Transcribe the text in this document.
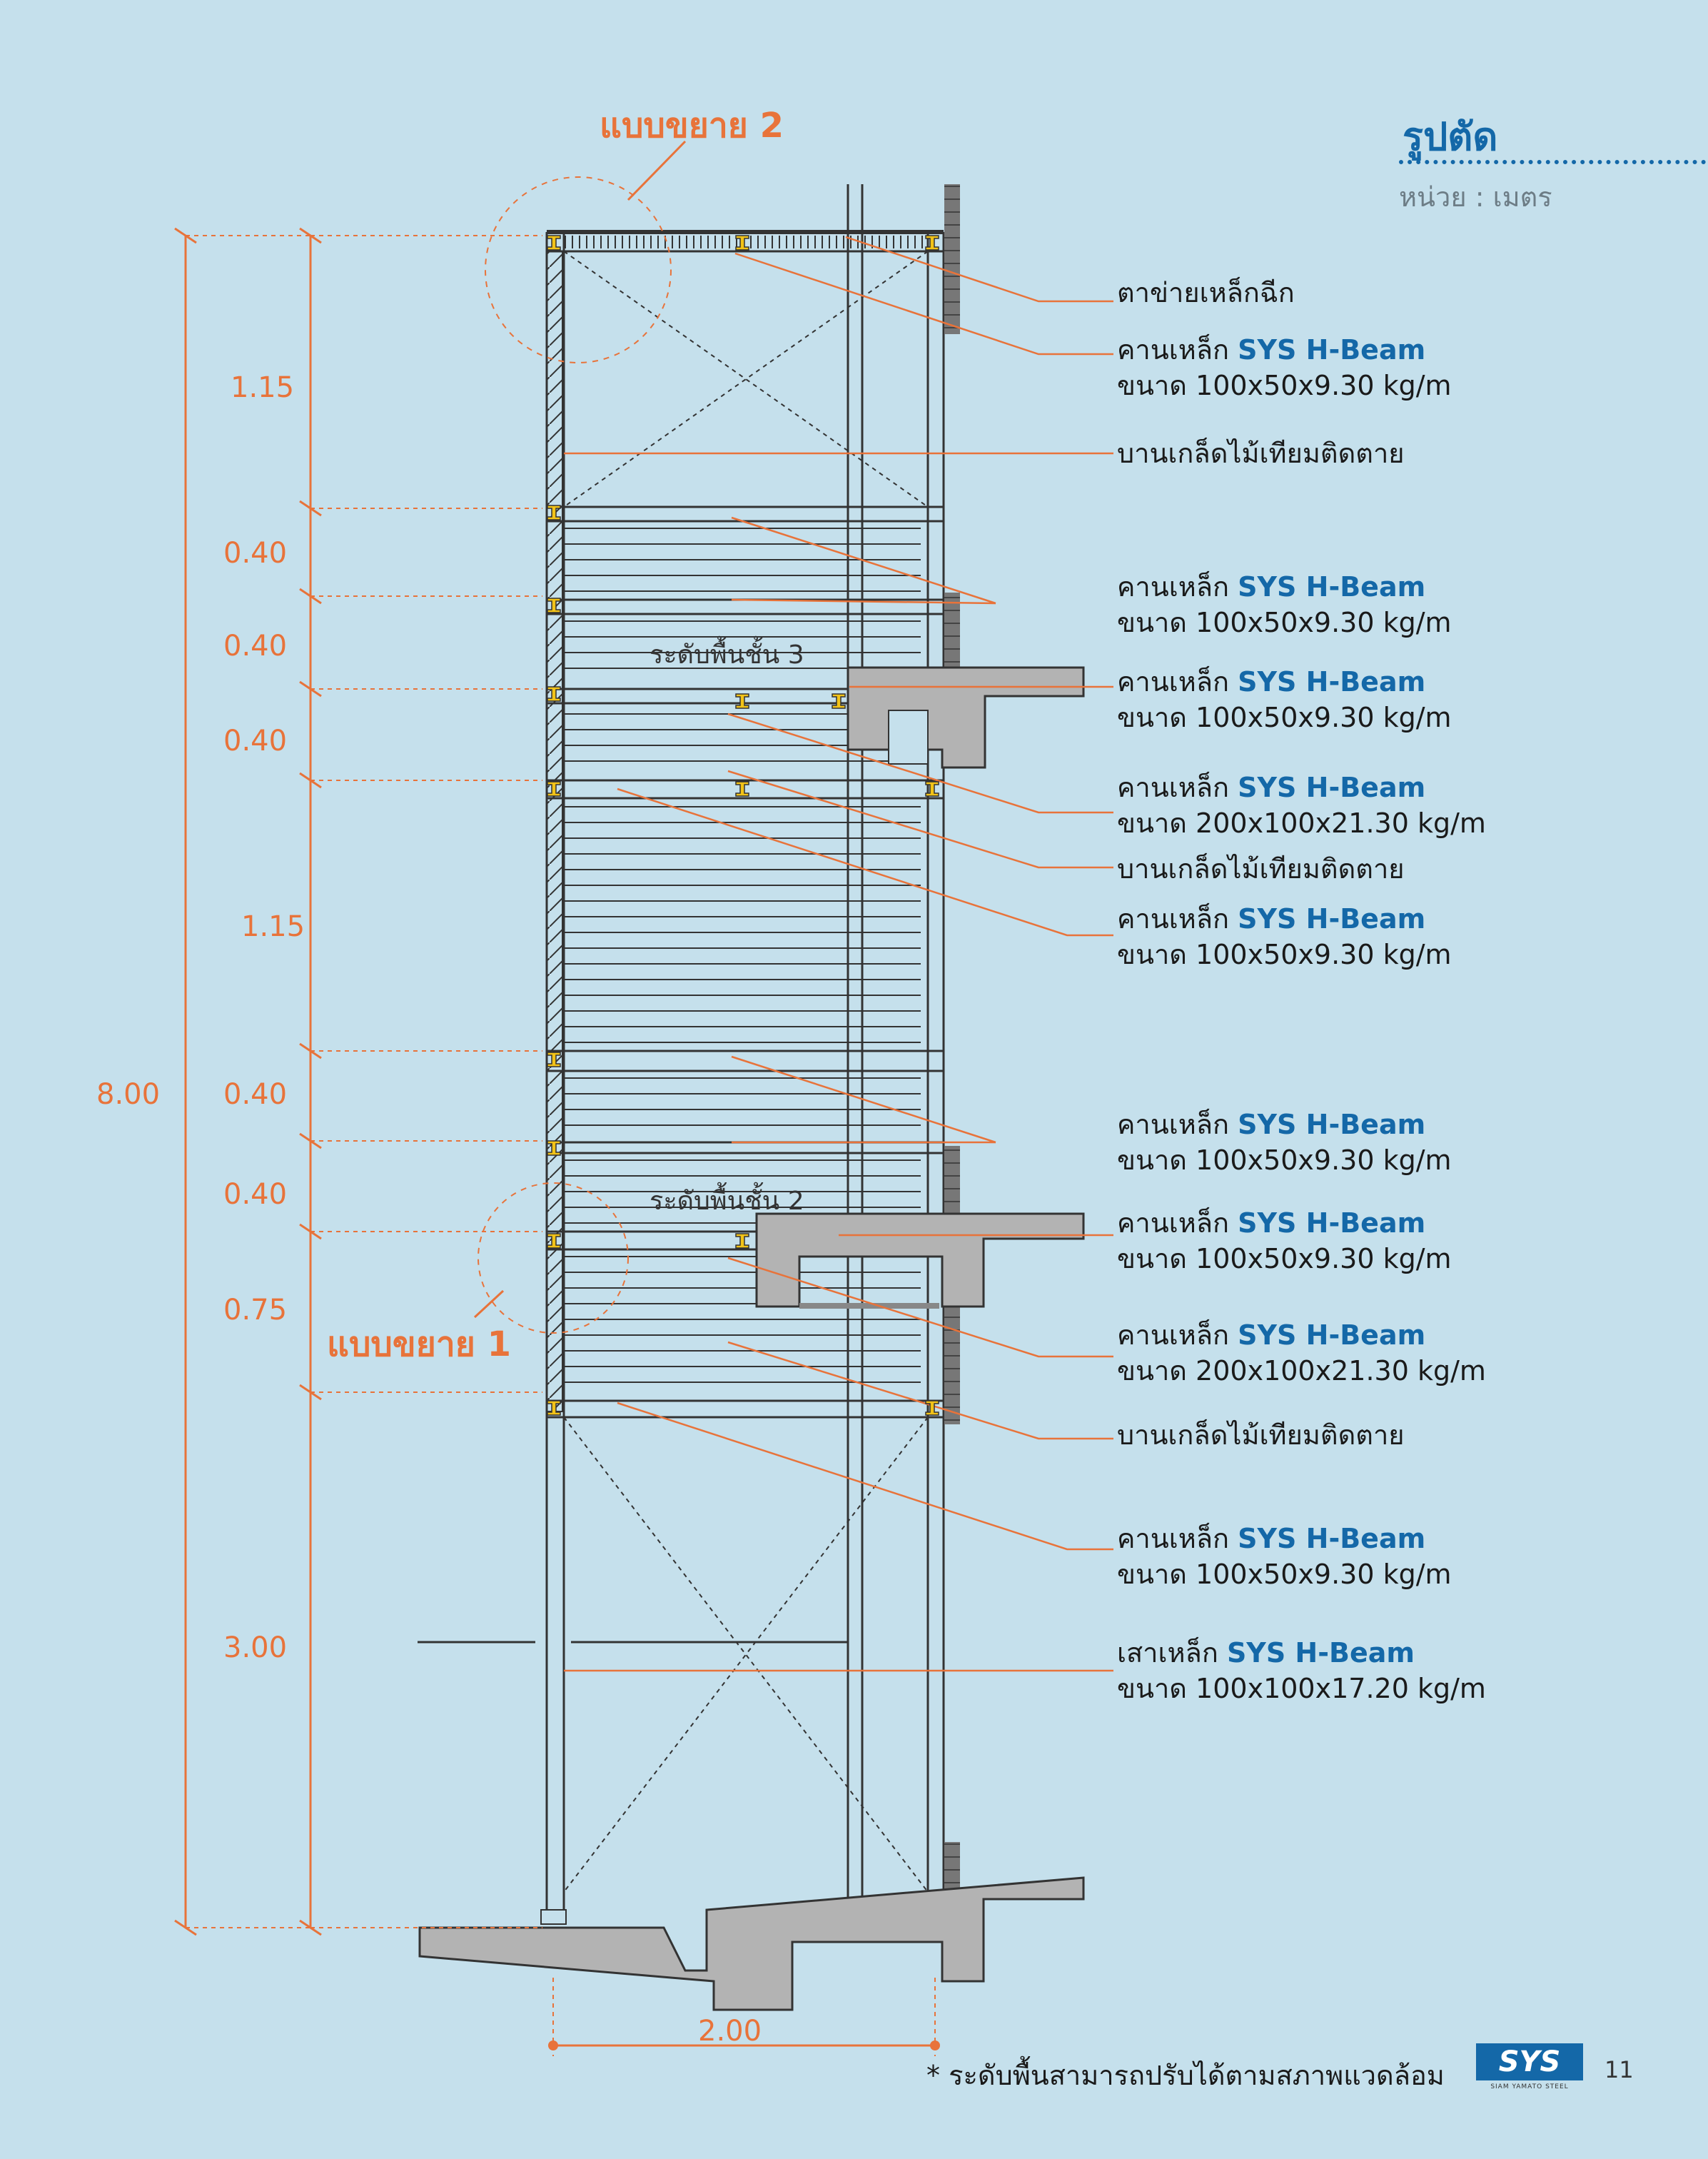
รูปตัด
หน่วย : เมตร
แบบขยาย 2
แบบขยาย 1
8.00
1.15
0.40
0.40
0.40
1.15
0.40
0.40
0.75
3.00
2.00
ระดับพื้นชั้น 3
ระดับพื้นชั้น 2
ตาข่ายเหล็กฉีก
คานเหล็ก SYS H-Beam
ขนาด 100x50x9.30 kg/m
บานเกล็ดไม้เทียมติดตาย
คานเหล็ก SYS H-Beam
ขนาด 100x50x9.30 kg/m
คานเหล็ก SYS H-Beam
ขนาด 100x50x9.30 kg/m
คานเหล็ก SYS H-Beam
ขนาด 200x100x21.30 kg/m
บานเกล็ดไม้เทียมติดตาย
คานเหล็ก SYS H-Beam
ขนาด 100x50x9.30 kg/m
คานเหล็ก SYS H-Beam
ขนาด 100x50x9.30 kg/m
คานเหล็ก SYS H-Beam
ขนาด 100x50x9.30 kg/m
คานเหล็ก SYS H-Beam
ขนาด 200x100x21.30 kg/m
บานเกล็ดไม้เทียมติดตาย
คานเหล็ก SYS H-Beam
ขนาด 100x50x9.30 kg/m
เสาเหล็ก SYS H-Beam
ขนาด 100x100x17.20 kg/m
* ระดับพื้นสามารถปรับได้ตามสภาพแวดล้อม	SYS
SIAM YAMATO STEEL
11
